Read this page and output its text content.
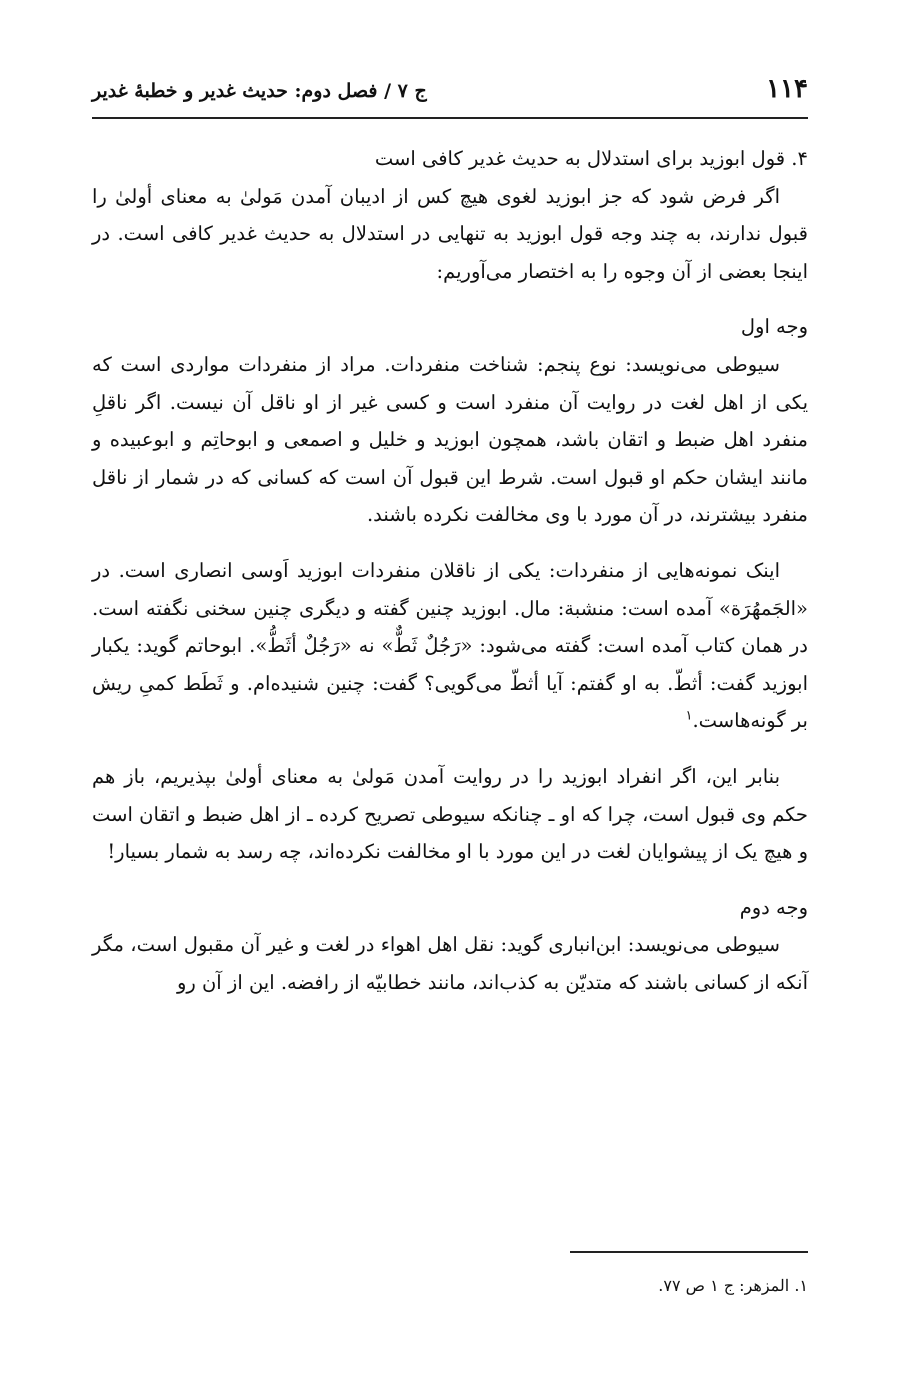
۱۱۴
ج ۷ / فصل دوم: حدیث غدیر و خطبهٔ غدیر

۴. قول ابوزید برای استدلال به حدیث غدیر کافی است

اگر فرض شود که جز ابوزید لغوی هیچ کس از ادیبان آمدن مَولیٰ به معنای أولیٰ را قبول ندارند، به چند وجه قول ابوزید به تنهایی در استدلال به حدیث غدیر کافی است. در اینجا بعضی از آن وجوه را به اختصار می‌آوریم:

وجه اول

سیوطی می‌نویسد: نوع پنجم: شناخت منفردات. مراد از منفردات مواردی است که یکی از اهل لغت در روایت آن منفرد است و کسی غیر از او ناقل آن نیست. اگر ناقلِ منفرد اهل ضبط و اتقان باشد، همچون ابوزید و خلیل و اصمعی و ابوحاتِم و ابوعبیده و مانند ایشان حکم او قبول است. شرط این قبول آن است که کسانی که در شمار از ناقل منفرد بیشترند، در آن مورد با وی مخالفت نکرده باشند.

اینک نمونه‌هایی از منفردات: یکی از ناقلان منفردات ابوزید اَوسی انصاری است. در «الجَمهُرَة» آمده است: منشبة: مال. ابوزید چنین گفته و دیگری چنین سخنی نگفته است. در همان کتاب آمده است: گفته می‌شود: «رَجُلٌ ثَطٌّ» نه «رَجُلٌ أثَطُّ». ابوحاتم گوید: یکبار ابوزید گفت: أثطّ. به او گفتم: آیا أثطّ می‌گویی؟ گفت: چنین شنیده‌ام. و ثَطَط کمیِ ریش بر گونه‌هاست.$^۱$

بنابر این، اگر انفراد ابوزید را در روایت آمدن مَولیٰ به معنای أولیٰ بپذیریم، باز هم حکم وی قبول است، چرا که او ـ چنانکه سیوطی تصریح کرده ـ از اهل ضبط و اتقان است و هیچ یک از پیشوایان لغت در این مورد با او مخالفت نکرده‌اند، چه رسد به شمار بسیار!

وجه دوم

سیوطی می‌نویسد: ابن‌انباری گوید: نقل اهل اهواء در لغت و غیر آن مقبول است، مگر آنکه از کسانی باشند که متدیّن به کذب‌اند، مانند خطابیّه از رافضه. این از آن رو

۱. المزهر: ج ۱ ص ۷۷.
